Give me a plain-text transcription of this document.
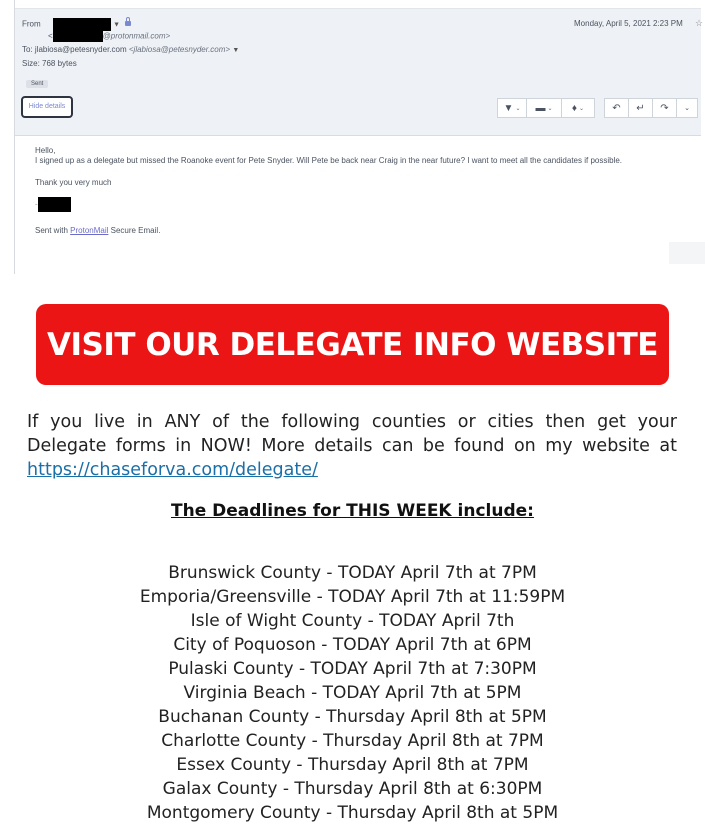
From	▼	Monday, April 5, 2021 2:23 PM ☆
<	@protonmail.com>
To: jlabiosa@petesnyder.com <jlabiosa@petesnyder.com> ▼
Size: 768 bytes
Sent
Hide details	▼ ⌄ ▬ ⌄ ♦ ⌄	↶ ↵ ↷ ⌄

Hello,

I signed up as a delegate but missed the Roanoke event for Pete Snyder. Will Pete be back near Craig in the near future? I want to meet all the candidates if possible.

Thank you very much

-

Sent with ProtonMail Secure Email.

VISIT OUR DELEGATE INFO WEBSITE
If you live in ANY of the following counties or cities then get your Delegate forms in NOW! More details can be found on my website at https://chaseforva.com/delegate/
The Deadlines for THIS WEEK include:
Brunswick County - TODAY April 7th at 7PM
Emporia/Greensville - TODAY April 7th at 11:59PM
Isle of Wight County - TODAY April 7th
City of Poquoson - TODAY April 7th at 6PM
Pulaski County - TODAY April 7th at 7:30PM
Virginia Beach - TODAY April 7th at 5PM
Buchanan County - Thursday April 8th at 5PM
Charlotte County - Thursday April 8th at 7PM
Essex County - Thursday April 8th at 7PM
Galax County - Thursday April 8th at 6:30PM
Montgomery County - Thursday April 8th at 5PM
